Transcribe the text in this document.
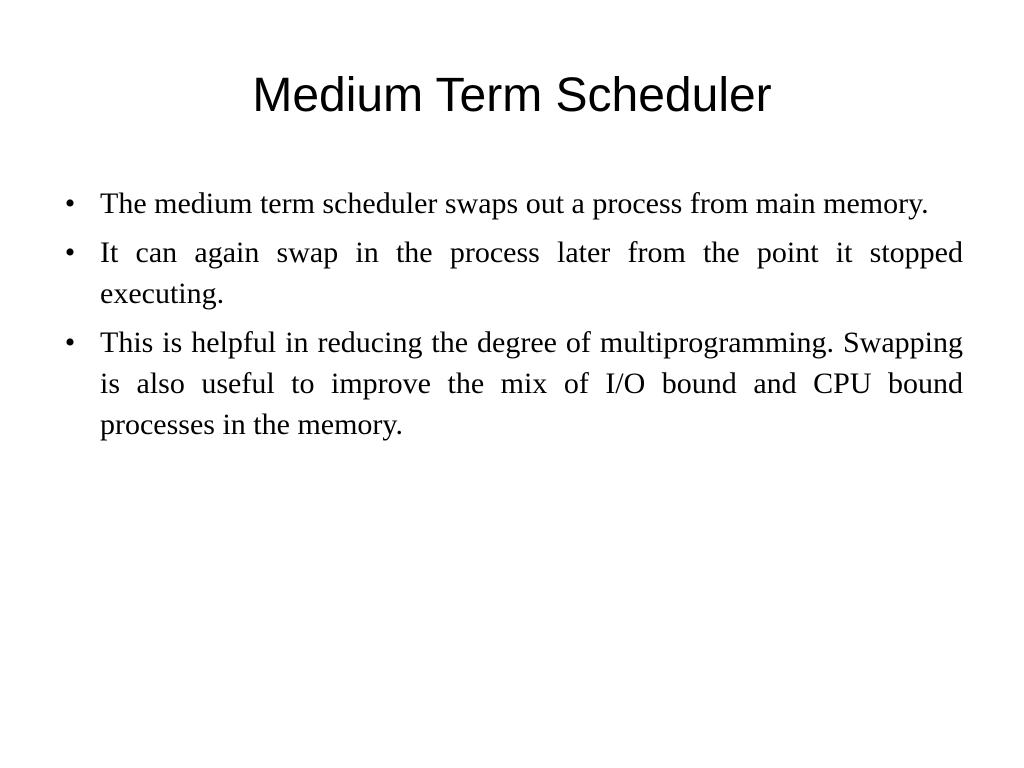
Medium Term Scheduler
• The medium term scheduler swaps out a process from main memory.
• It can again swap in the process later from the point it stopped executing.
• This is helpful in reducing the degree of multiprogramming. Swapping is also useful to improve the mix of I/O bound and CPU bound processes in the memory.
